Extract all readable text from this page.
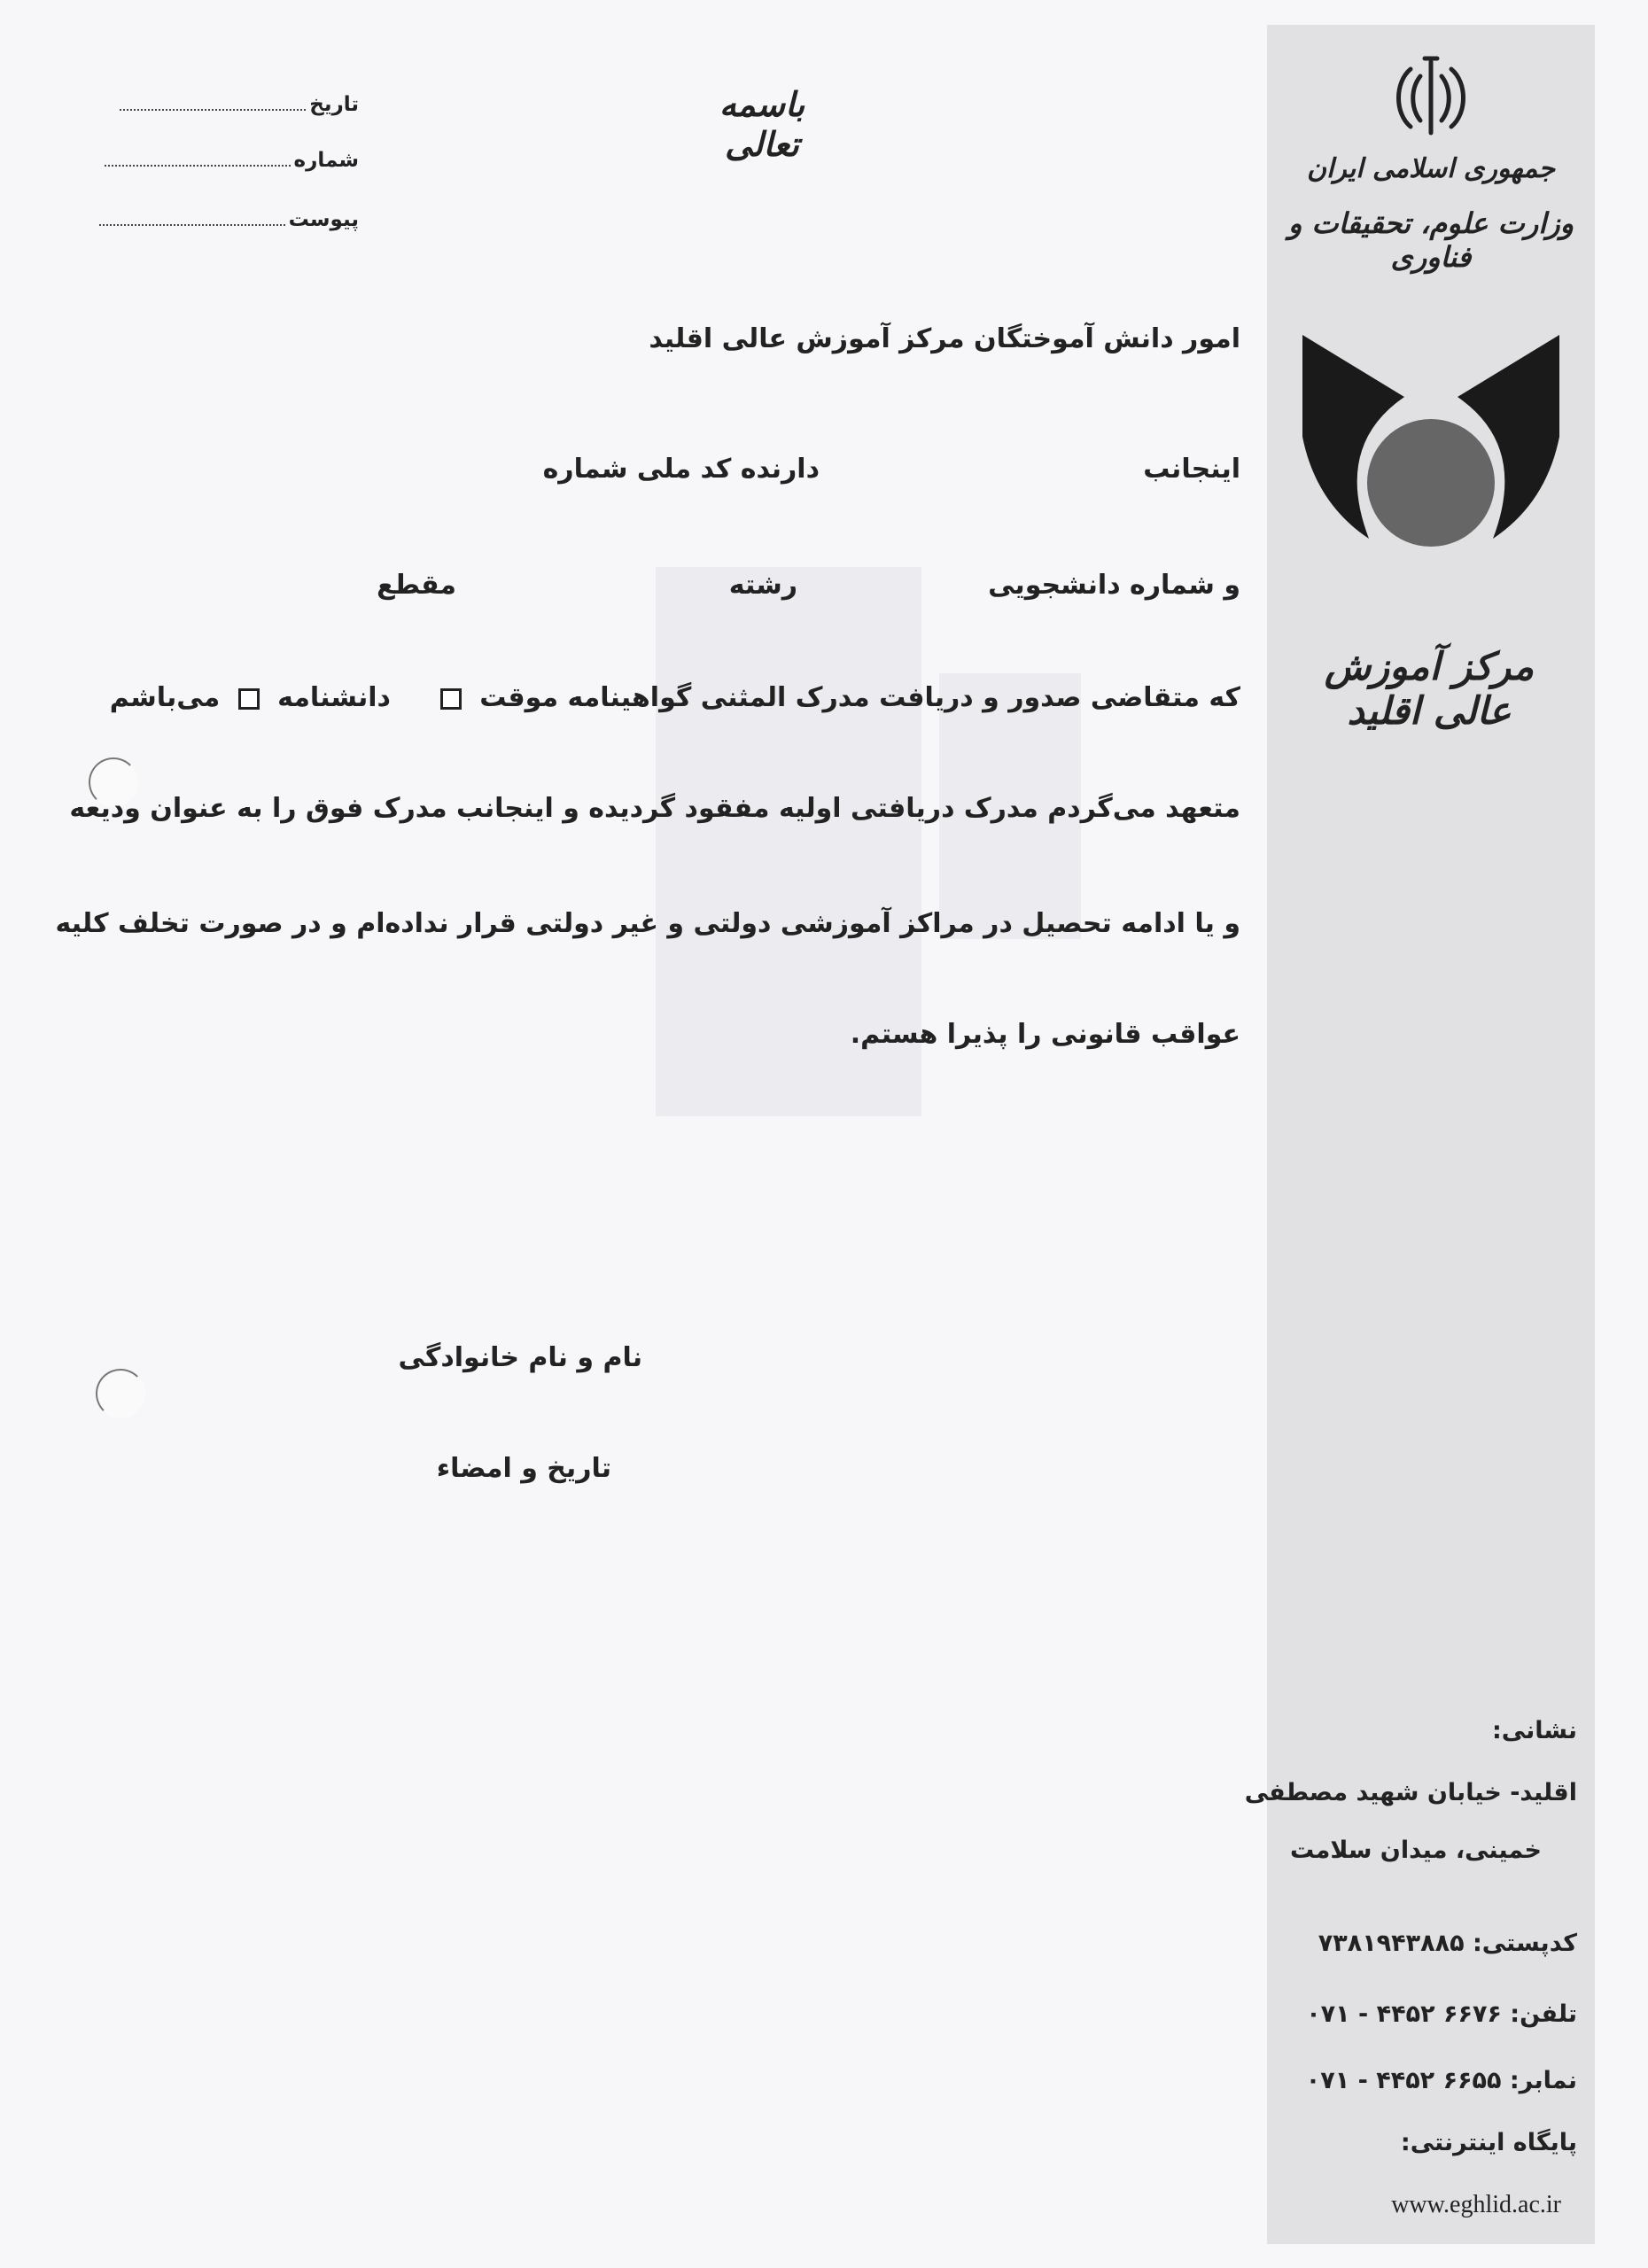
تاریخ
شماره
پیوست
باسمه تعالی
امور دانش آموختگان مرکز آموزش عالی اقلید
اینجانب
دارنده کد ملی شماره
و شماره دانشجویی
رشته
مقطع
که متقاضی صدور و دریافت مدرک المثنی گواهینامه موقت   دانشنامه  می‌باشم
متعهد می‌گردم مدرک دریافتی اولیه مفقود گردیده و اینجانب مدرک فوق را به عنوان ودیعه
و یا ادامه تحصیل در مراکز آموزشی دولتی و غیر دولتی قرار نداده‌ام و در صورت تخلف کلیه
عواقب قانونی را پذیرا هستم.
نام و نام خانوادگی
تاریخ و امضاء
جمهوری اسلامی ایران
وزارت علوم، تحقیقات و فناوری
مرکز آموزش عالی اقلید
نشانی:
اقلید- خیابان شهید مصطفی
خمینی، میدان سلامت
کدپستی: ۷۳۸۱۹۴۳۸۸۵
تلفن: ۶۶۷۶ ۴۴۵۲ - ۰۷۱
نمابر: ۶۶۵۵ ۴۴۵۲ - ۰۷۱
پایگاه اینترنتی:
www.eghlid.ac.ir
